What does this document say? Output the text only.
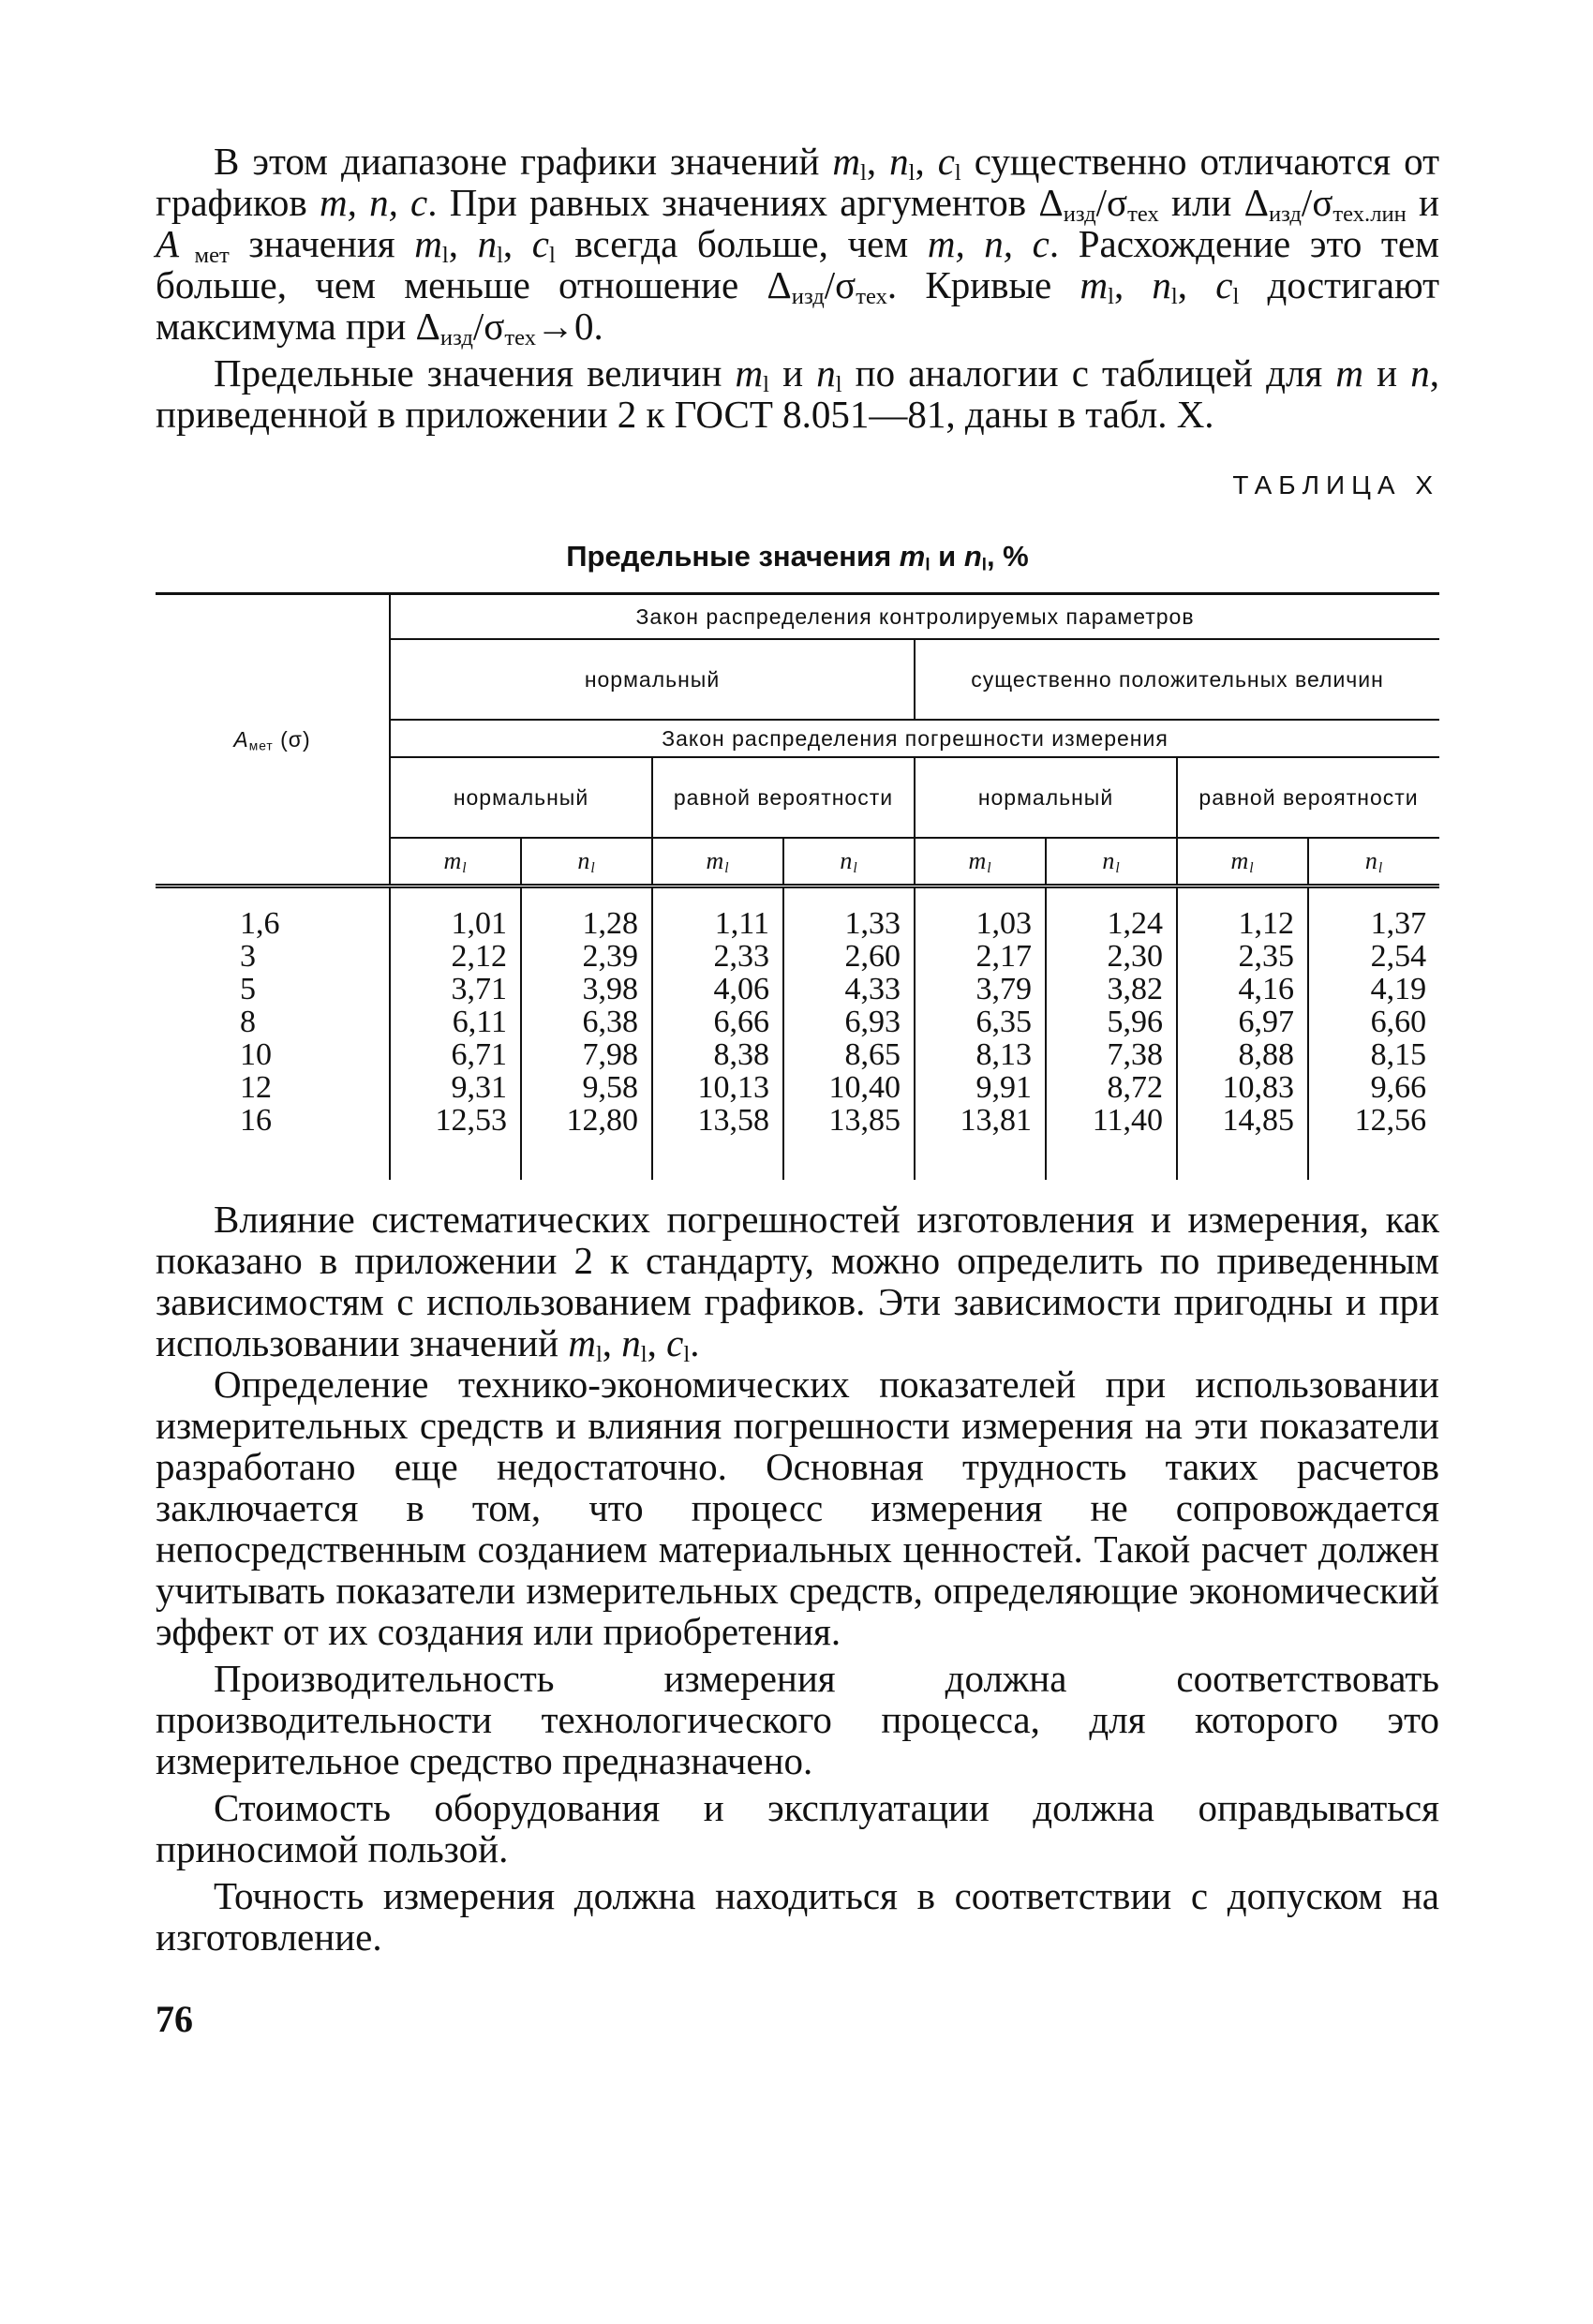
В этом диапазоне графики значений $m_l$, $n_l$, $c_l$ существенно отличаются от графиков m, n, c. При равных значениях аргументов $\Delta_{изд}/\sigma_{тех}$ или $\Delta_{изд}/\sigma_{тех.лин}$ и A $_{мет}$ значения $m_l$, $n_l$, $c_l$ всегда больше, чем m, n, c. Расхождение это тем больше, чем меньше отношение $\Delta_{изд}/\sigma_{тех}$. Кривые $m_l$, $n_l$, $c_l$ достигают максимума при $\Delta_{изд}/\sigma_{тех}\to 0$.

Предельные значения величин $m_l$ и $n_l$ по аналогии с таблицей для m и n, приведенной в приложении 2 к ГОСТ 8.051—81, даны в табл. X.

ТАБЛИЦА X
Предельные значения $m_l$ и $n_l$, %
$A_{мет}$ (σ)	Закон распределения контролируемых параметров							
	нормальный				существенно положительных величин			
	Закон распределения погрешности измерения							
	нормальный		равной вероятности		нормальный		равной вероятности	
	$m_l$	$n_l$	$m_l$	$n_l$	$m_l$	$n_l$	$m_l$	$n_l$

1,6	1,01	1,28	1,11	1,33	1,03	1,24	1,12	1,37
3	2,12	2,39	2,33	2,60	2,17	2,30	2,35	2,54
5	3,71	3,98	4,06	4,33	3,79	3,82	4,16	4,19
8	6,11	6,38	6,66	6,93	6,35	5,96	6,97	6,60
10	6,71	7,98	8,38	8,65	8,13	7,38	8,88	8,15
12	9,31	9,58	10,13	10,40	9,91	8,72	10,83	9,66
16	12,53	12,80	13,58	13,85	13,81	11,40	14,85	12,56

Влияние систематических погрешностей изготовления и измерения, как показано в приложении 2 к стандарту, можно определить по приведенным зависимостям с использованием графиков. Эти зависимости пригодны и при использовании значений $m_l$, $n_l$, $c_l$.

Определение технико-экономических показателей при использовании измерительных средств и влияния погрешности измерения на эти показатели разработано еще недостаточно. Основная трудность таких расчетов заключается в том, что процесс измерения не сопровождается непосредственным созданием материальных ценностей. Такой расчет должен учитывать показатели измерительных средств, определяющие экономический эффект от их создания или приобретения.

Производительность измерения должна соответствовать производительности технологического процесса, для которого это измерительное средство предназначено.

Стоимость оборудования и эксплуатации должна оправдываться приносимой пользой.

Точность измерения должна находиться в соответствии с допуском на изготовление.

76
